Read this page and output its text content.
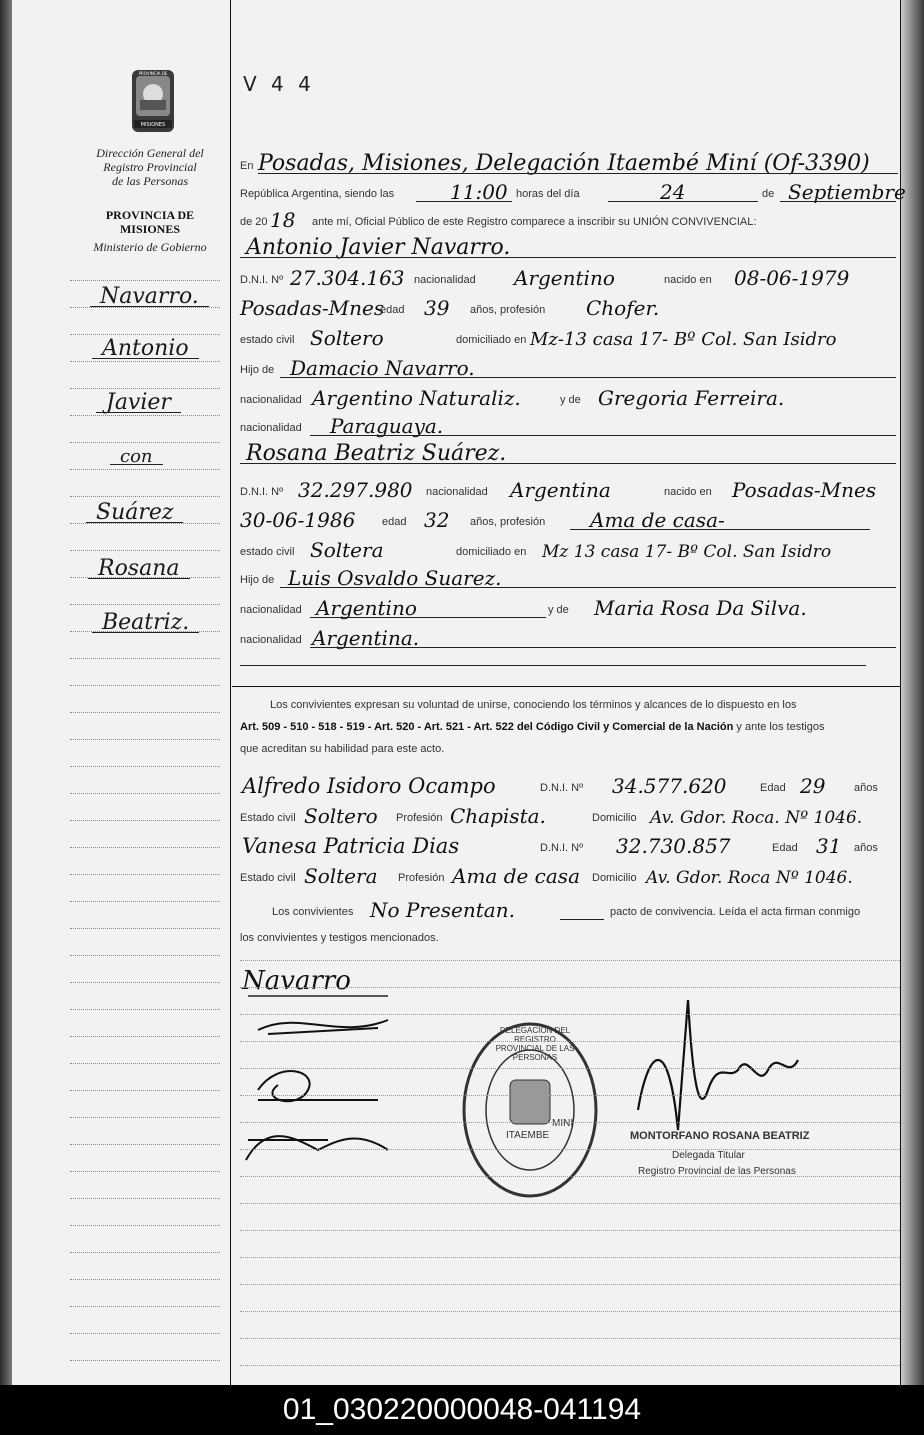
MISIONES
PROVINCIA DE
Dirección General del
Registro Provincial
de las Personas
PROVINCIA DE
MISIONES
Ministerio de Gobierno
Navarro.
Antonio
Javier
con
Suárez
Rosana
Beatriz.
V 4 4
En Posadas, Misiones, Delegación Itaembé Miní (Of-3390)
República Argentina, siendo las	11:00 horas del día	24	de Septiembre
de 20 18 ante mí, Oficial Público de este Registro comparece a inscribir su UNIÓN CONVIVENCIAL:
Antonio Javier Navarro.
D.N.I. Nº 27.304.163 nacionalidad Argentino	nacido en 08-06-1979
Posadas-Mnes
edad 39 años, profesión Chofer.
estado civil Soltero	domiciliado en Mz-13 casa 17- Bº Col. San Isidro
Hijo de Damacio Navarro.
nacionalidad Argentino Naturaliz.	y de Gregoria Ferreira.
nacionalidad Paraguaya.
Rosana Beatriz Suárez.
D.N.I. Nº 32.297.980 nacionalidad Argentina	nacido en Posadas-Mnes
30-06-1986 edad 32 años, profesión Ama de casa-
estado civil Soltera	domiciliado en Mz 13 casa 17- Bº Col. San Isidro
Hijo de Luis Osvaldo Suarez.
nacionalidad Argentino	y de Maria Rosa Da Silva.
nacionalidad Argentina.
Los convivientes expresan su voluntad de unirse, conociendo los términos y alcances de lo dispuesto en los
Art. 509 - 510 - 518 - 519 - Art. 520 - Art. 521 - Art. 522 del Código Civil y Comercial de la Nación y ante los testigos
que acreditan su habilidad para este acto.
Alfredo Isidoro Ocampo	D.N.I. Nº 34.577.620	Edad 29	años
Estado civil Soltero Profesión Chapista.	Domicilio Av. Gdor. Roca. Nº 1046.
Vanesa Patricia Dias	D.N.I. Nº 32.730.857	Edad 31 años
Estado civil Soltera Profesión Ama de casa Domicilio Av. Gdor. Roca Nº 1046.
Los convivientes No Presentan.	pacto de convivencia. Leída el acta firman conmigo
los convivientes y testigos mencionados.
Navarro
DELEGACION DEL REGISTRO PROVINCIAL DE LAS PERSONAS
ITAEMBE
MINI
MONTORFANO ROSANA BEATRIZ
Delegada Titular
Registro Provincial de las Personas
01_030220000048-041194
